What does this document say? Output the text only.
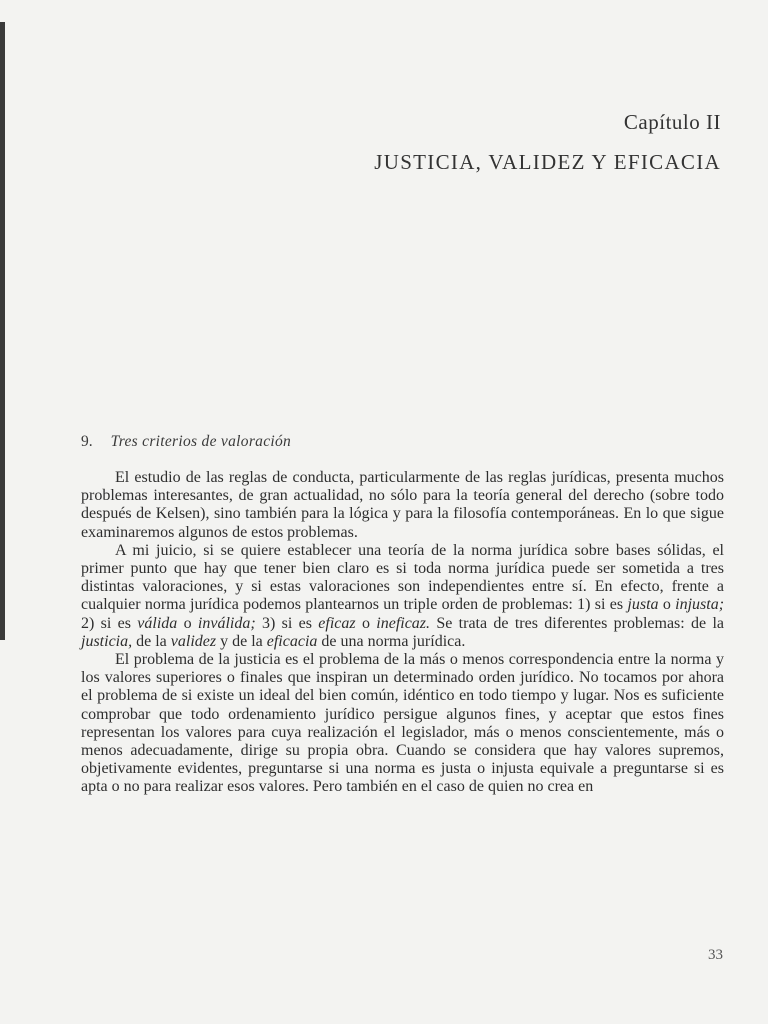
Capítulo II
JUSTICIA, VALIDEZ Y EFICACIA
9. Tres criterios de valoración

El estudio de las reglas de conducta, particularmente de las reglas jurídicas, presenta muchos problemas interesantes, de gran actualidad, no sólo para la teoría general del derecho (sobre todo después de Kelsen), sino también para la lógica y para la filosofía contemporáneas. En lo que sigue examinaremos algunos de estos problemas.

A mi juicio, si se quiere establecer una teoría de la norma jurídica sobre bases sólidas, el primer punto que hay que tener bien claro es si toda norma jurídica puede ser sometida a tres distintas valoraciones, y si estas valoraciones son independientes entre sí. En efecto, frente a cualquier norma jurídica podemos plantearnos un triple orden de problemas: 1) si es justa o injusta; 2) si es válida o inválida; 3) si es eficaz o ineficaz. Se trata de tres diferentes problemas: de la justicia, de la validez y de la eficacia de una norma jurídica.

El problema de la justicia es el problema de la más o menos correspondencia entre la norma y los valores superiores o finales que inspiran un determinado orden jurídico. No tocamos por ahora el problema de si existe un ideal del bien común, idéntico en todo tiempo y lugar. Nos es suficiente comprobar que todo ordenamiento jurídico persigue algunos fines, y aceptar que estos fines representan los valores para cuya realización el legislador, más o menos conscientemente, más o menos adecuadamente, dirige su propia obra. Cuando se considera que hay valores supremos, objetivamente evidentes, preguntarse si una norma es justa o injusta equivale a preguntarse si es apta o no para realizar esos valores. Pero también en el caso de quien no crea en

33
